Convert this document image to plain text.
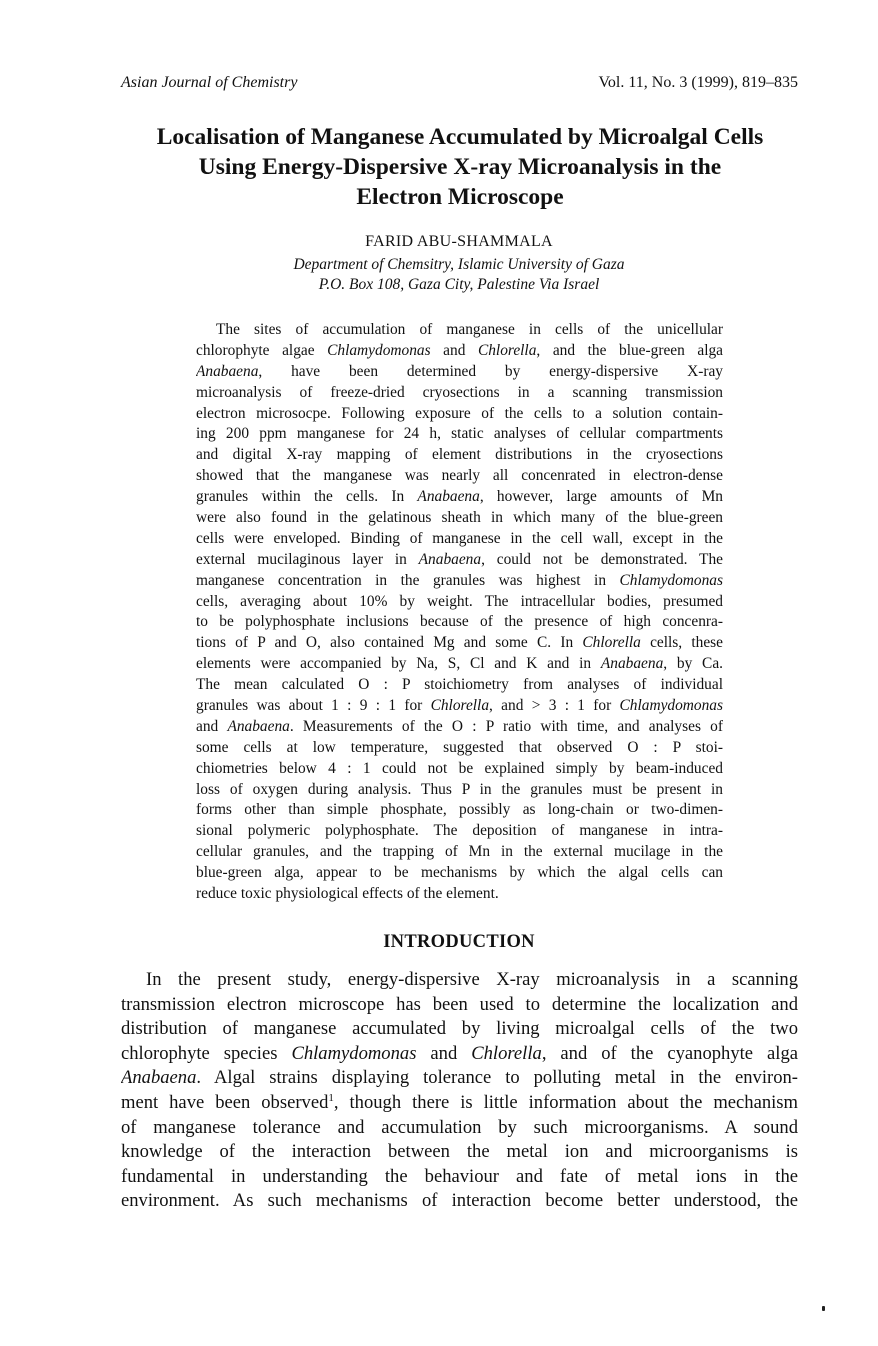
Asian Journal of Chemistry	Vol. 11, No. 3 (1999), 819–835
Localisation of Manganese Accumulated by Microalgal Cells
Using Energy-Dispersive X-ray Microanalysis in the
Electron Microscope
FARID ABU-SHAMMALA
Department of Chemsitry, Islamic University of Gaza
P.O. Box 108, Gaza City, Palestine Via Israel
The sites of accumulation of manganese in cells of the unicellular
chlorophyte algae Chlamydomonas and Chlorella, and the blue-green alga
Anabaena, have been determined by energy-dispersive X-ray
microanalysis of freeze-dried cryosections in a scanning transmission
electron microsocpe. Following exposure of the cells to a solution contain-
ing 200 ppm manganese for 24 h, static analyses of cellular compartments
and digital X-ray mapping of element distributions in the cryosections
showed that the manganese was nearly all concenrated in electron-dense
granules within the cells. In Anabaena, however, large amounts of Mn
were also found in the gelatinous sheath in which many of the blue-green
cells were enveloped. Binding of manganese in the cell wall, except in the
external mucilaginous layer in Anabaena, could not be demonstrated. The
manganese concentration in the granules was highest in Chlamydomonas
cells, averaging about 10% by weight. The intracellular bodies, presumed
to be polyphosphate inclusions because of the presence of high concenra-
tions of P and O, also contained Mg and some C. In Chlorella cells, these
elements were accompanied by Na, S, Cl and K and in Anabaena, by Ca.
The mean calculated O : P stoichiometry from analyses of individual
granules was about 1 : 9 : 1 for Chlorella, and > 3 : 1 for Chlamydomonas
and Anabaena. Measurements of the O : P ratio with time, and analyses of
some cells at low temperature, suggested that observed O : P stoi-
chiometries below 4 : 1 could not be explained simply by beam-induced
loss of oxygen during analysis. Thus P in the granules must be present in
forms other than simple phosphate, possibly as long-chain or two-dimen-
sional polymeric polyphosphate. The deposition of manganese in intra-
cellular granules, and the trapping of Mn in the external mucilage in the
blue-green alga, appear to be mechanisms by which the algal cells can
reduce toxic physiological effects of the element.
INTRODUCTION
In the present study, energy-dispersive X-ray microanalysis in a scanning
transmission electron microscope has been used to determine the localization and
distribution of manganese accumulated by living microalgal cells of the two
chlorophyte species Chlamydomonas and Chlorella, and of the cyanophyte alga
Anabaena. Algal strains displaying tolerance to polluting metal in the environ-
ment have been observed$^1$, though there is little information about the mechanism
of manganese tolerance and accumulation by such microorganisms. A sound
knowledge of the interaction between the metal ion and microorganisms is
fundamental in understanding the behaviour and fate of metal ions in the
environment. As such mechanisms of interaction become better understood, the
